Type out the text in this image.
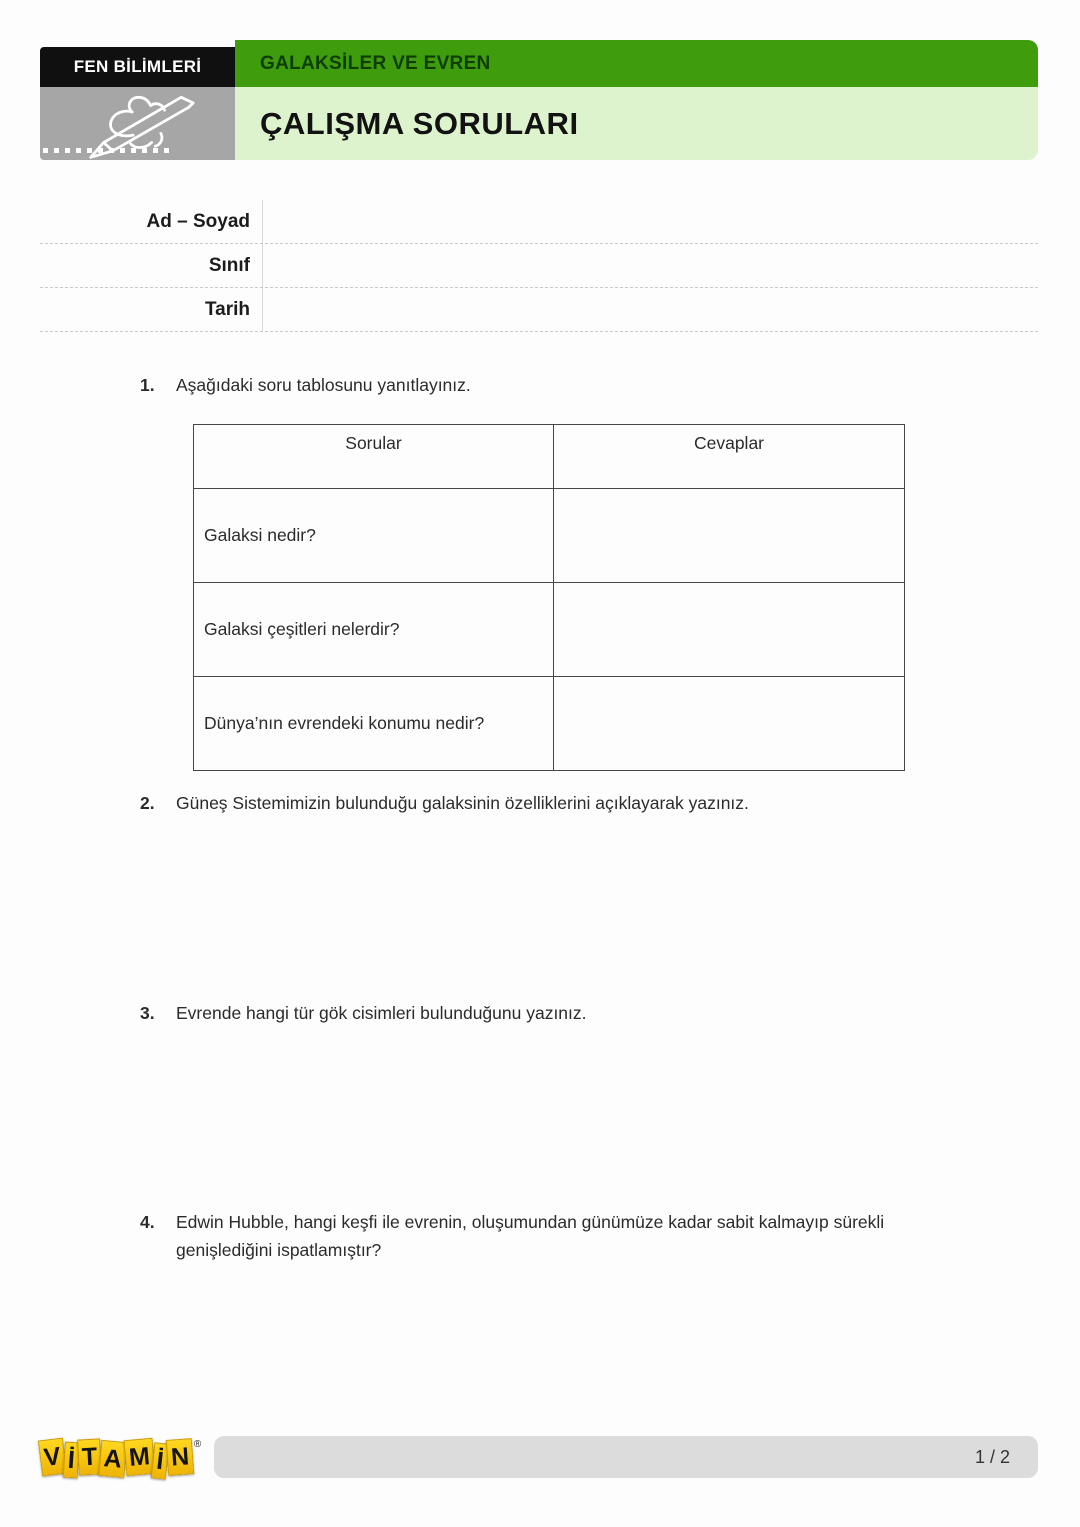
FEN BİLİMLERİ	GALAKSİLER VE EVREN
ÇALIŞMA SORULARI
Ad – Soyad
Sınıf
Tarih
1.	Aşağıdaki soru tablosunu yanıtlayınız.
Sorular	Cevaplar
Galaksi nedir?	
Galaksi çeşitleri nelerdir?	
Dünya’nın evrendeki konumu nedir?	
2.	Güneş Sistemimizin bulunduğu galaksinin özelliklerini açıklayarak yazınız.
3.	Evrende hangi tür gök cisimleri bulunduğunu yazınız.
4.	Edwin Hubble, hangi keşfi ile evrenin, oluşumundan günümüze kadar sabit kalmayıp sürekli genişlediğini ispatlamıştır?
V İ T A M İ N ®
1 / 2
